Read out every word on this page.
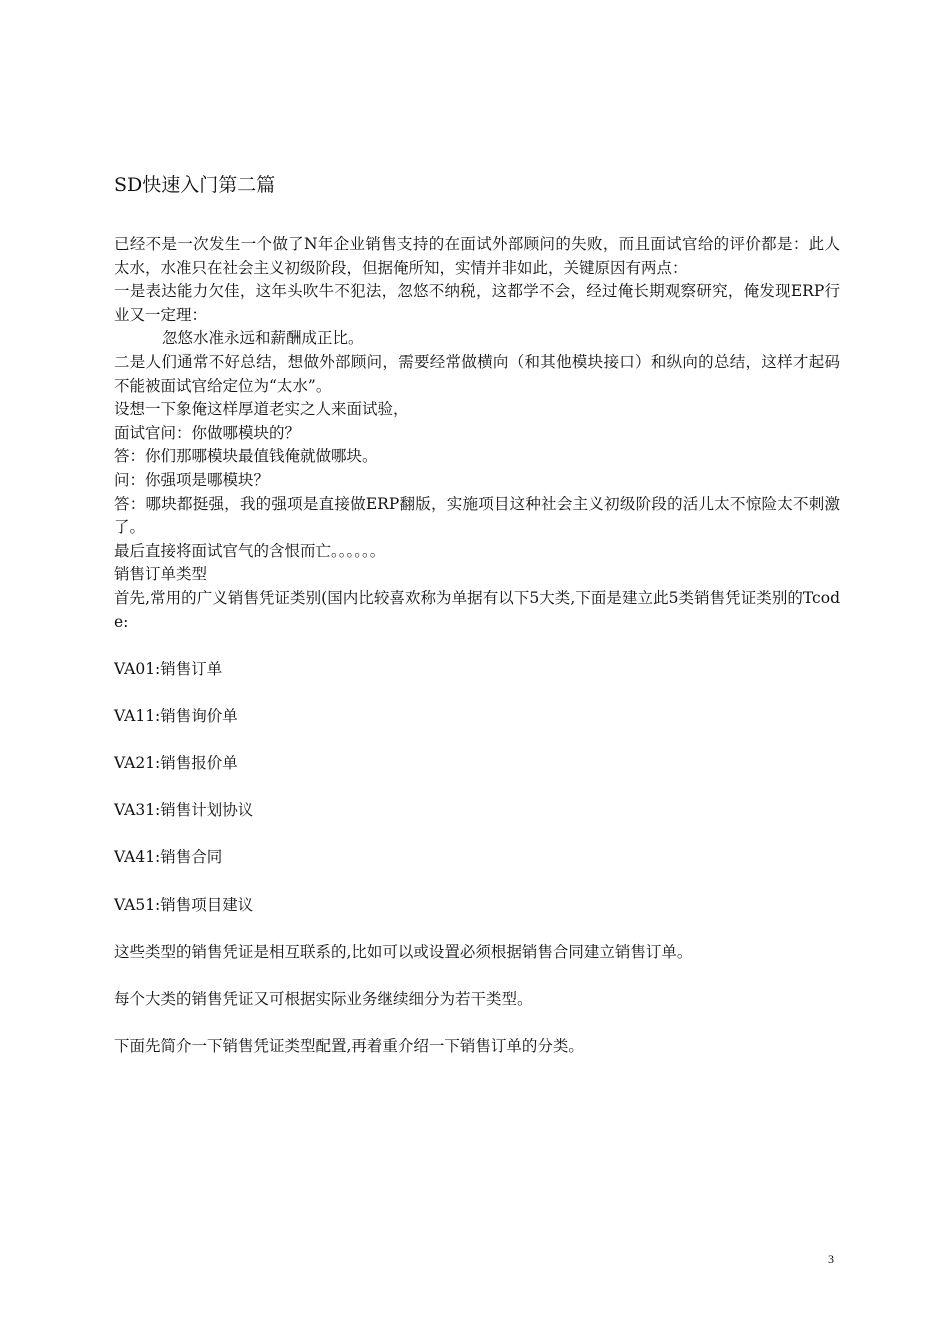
SD快速入门第二篇

已经不是一次发生一个做了N年企业销售支持的在面试外部顾问的失败，而且面试官给的评价都是：此人太水，水准只在社会主义初级阶段，但据俺所知，实情并非如此，关键原因有两点：

一是表达能力欠佳，这年头吹牛不犯法，忽悠不纳税，这都学不会，经过俺长期观察研究，俺发现ERP行业又一定理：

忽悠水准永远和薪酬成正比。

二是人们通常不好总结，想做外部顾问，需要经常做横向（和其他模块接口）和纵向的总结，这样才起码不能被面试官给定位为“太水”。

设想一下象俺这样厚道老实之人来面试验，

面试官问：你做哪模块的？

答：你们那哪模块最值钱俺就做哪块。

问：你强项是哪模块？

答：哪块都挺强，我的强项是直接做ERP翻版，实施项目这种社会主义初级阶段的活儿太不惊险太不刺激了。

最后直接将面试官气的含恨而亡。。。。。。

销售订单类型

首先,常用的广义销售凭证类别(国内比较喜欢称为单据有以下5大类,下面是建立此5类销售凭证类别的Tcode:

VA01:销售订单

VA11:销售询价单

VA21:销售报价单

VA31:销售计划协议

VA41:销售合同

VA51:销售项目建议

这些类型的销售凭证是相互联系的,比如可以或设置必须根据销售合同建立销售订单。

每个大类的销售凭证又可根据实际业务继续细分为若干类型。

下面先简介一下销售凭证类型配置,再着重介绍一下销售订单的分类。

3
